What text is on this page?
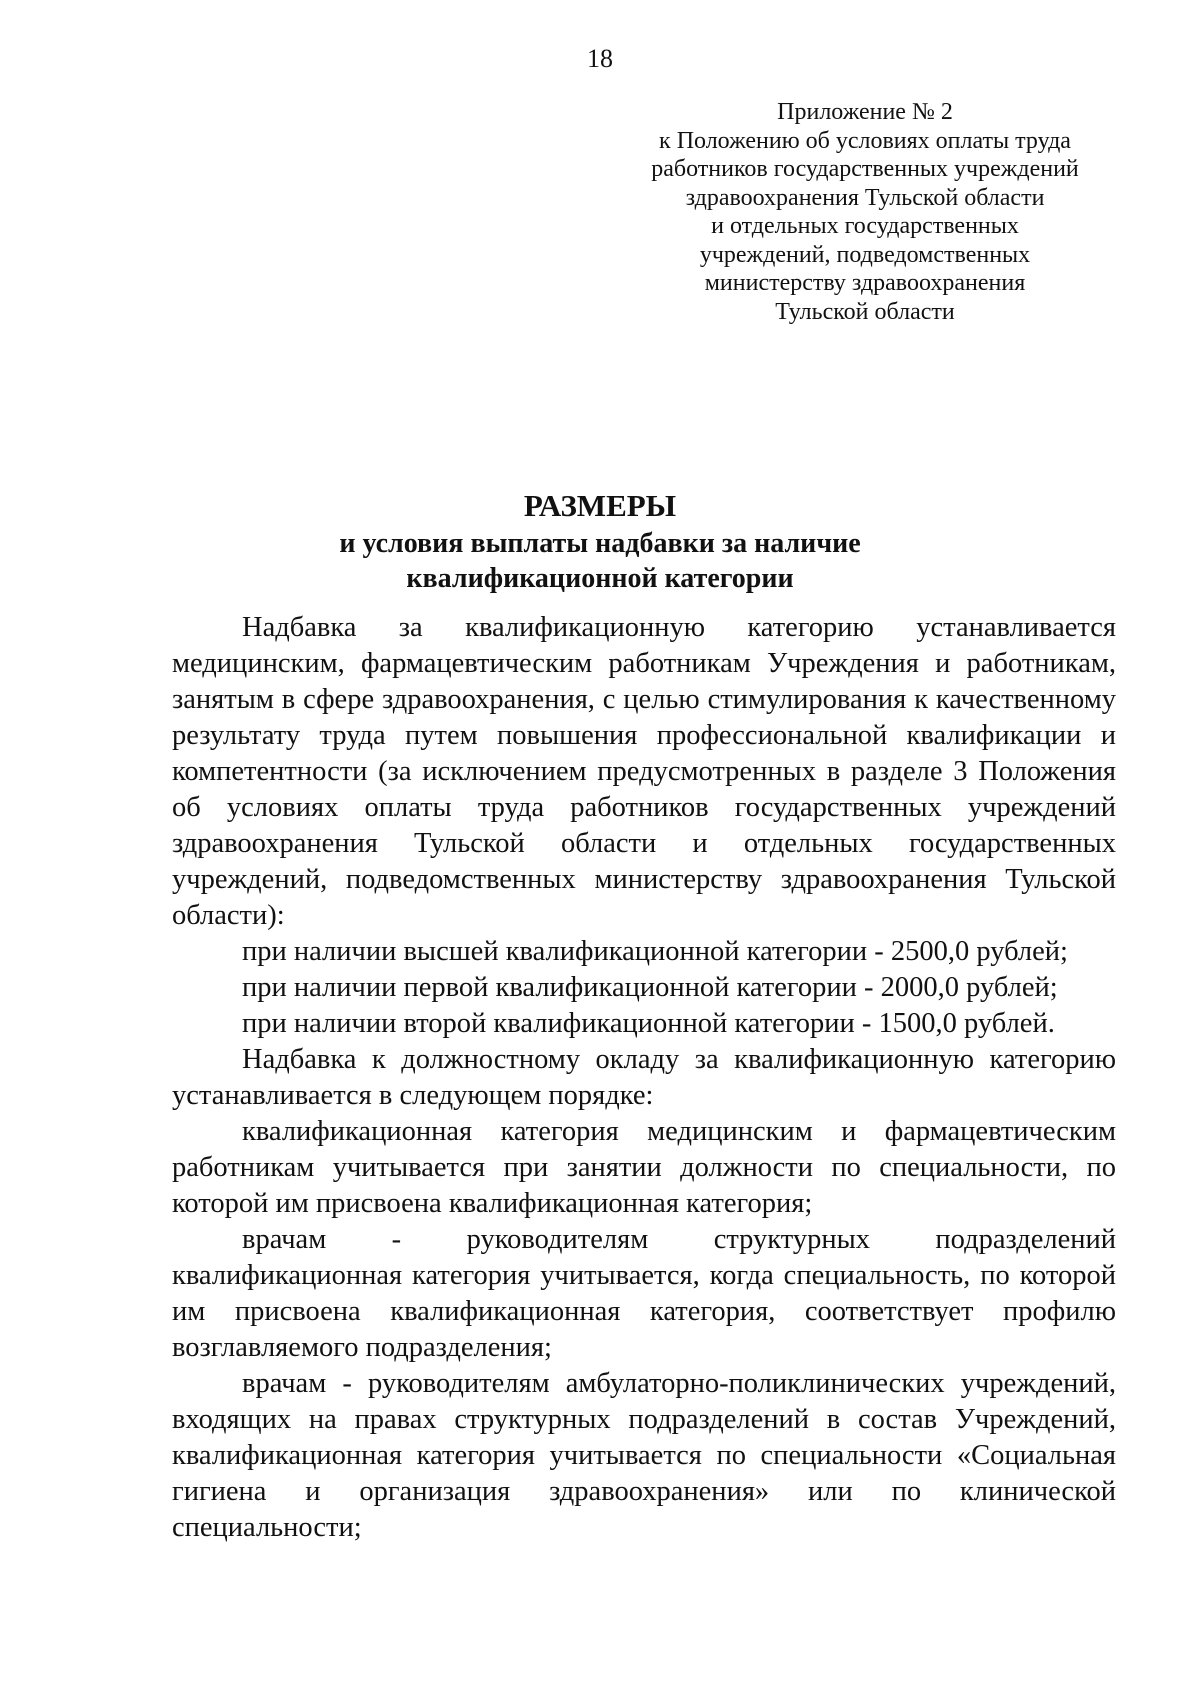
18
Приложение № 2
к Положению об условиях оплаты труда
работников государственных учреждений
здравоохранения Тульской области
и отдельных государственных
учреждений, подведомственных
министерству здравоохранения
Тульской области
РАЗМЕРЫ
и условия выплаты надбавки за наличие
квалификационной категории

Надбавка за квалификационную категорию устанавливается медицинским, фармацевтическим работникам Учреждения и работникам, занятым в сфере здравоохранения, с целью стимулирования к качественному результату труда путем повышения профессиональной квалификации и компетентности (за исключением предусмотренных в разделе 3 Положения об условиях оплаты труда работников государственных учреждений здравоохранения Тульской области и отдельных государственных учреждений, подведомственных министерству здравоохранения Тульской области):

при наличии высшей квалификационной категории - 2500,0 рублей;

при наличии первой квалификационной категории - 2000,0 рублей;

при наличии второй квалификационной категории - 1500,0 рублей.

Надбавка к должностному окладу за квалификационную категорию устанавливается в следующем порядке:

квалификационная категория медицинским и фармацевтическим работникам учитывается при занятии должности по специальности, по которой им присвоена квалификационная категория;

врачам - руководителям структурных подразделений квалификационная категория учитывается, когда специальность, по которой им присвоена квалификационная категория, соответствует профилю возглавляемого подразделения;

врачам - руководителям амбулаторно-поликлинических учреждений, входящих на правах структурных подразделений в состав Учреждений, квалификационная категория учитывается по специальности «Социальная гигиена и организация здравоохранения» или по клинической специальности;
